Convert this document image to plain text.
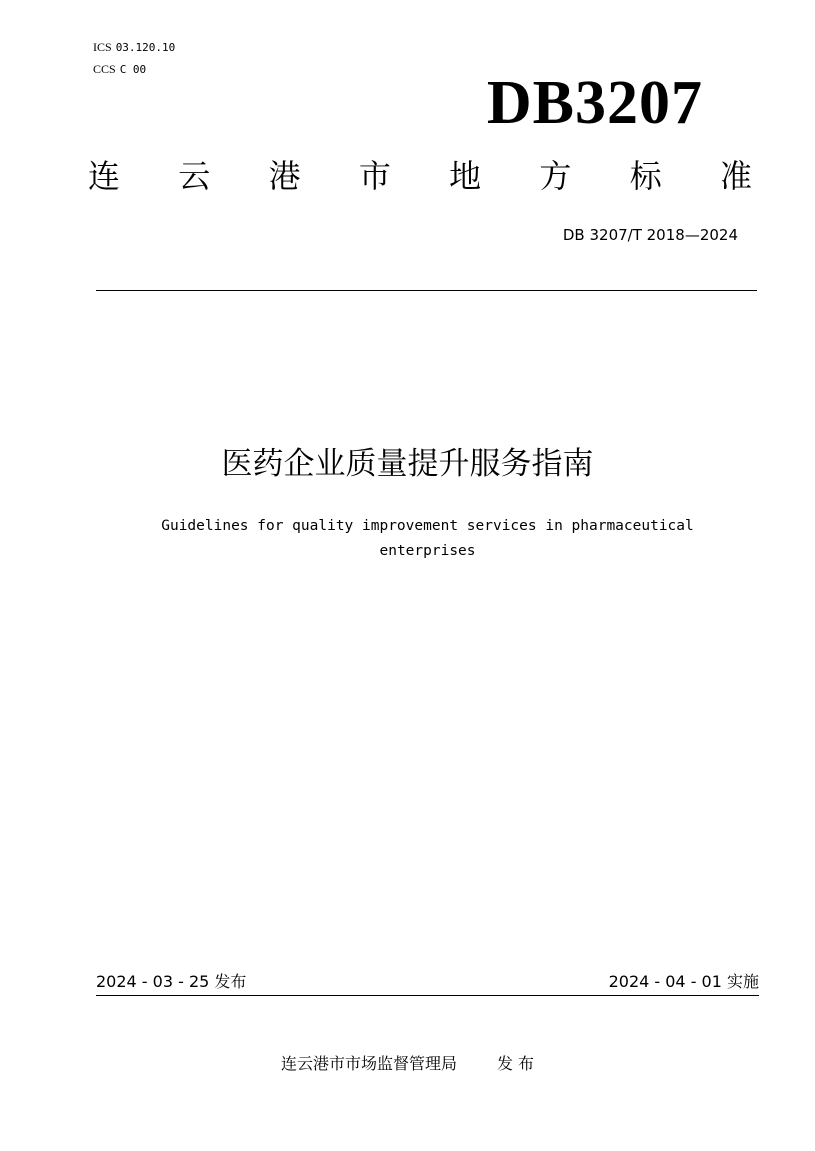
ICS 03.120.10
CCS C 00	DB3207
连 云 港 市 地 方 标 准
DB 3207/T 2018—2024
医药企业质量提升服务指南
Guidelines for quality improvement services in pharmaceutical
enterprises
2024 - 03 - 25 发布	2024 - 04 - 01 实施
连云港市市场监督管理局	发 布
